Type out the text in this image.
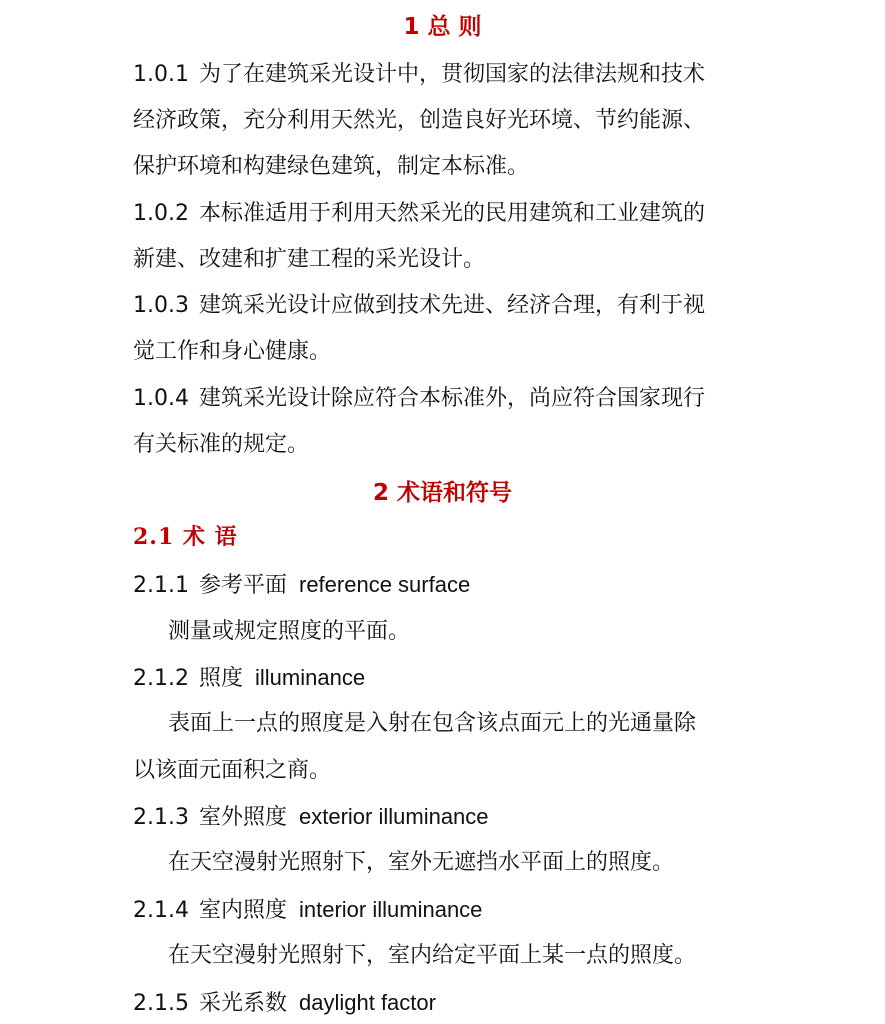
1 总 则

1.0.1 为了在建筑采光设计中，贯彻国家的法律法规和技术

经济政策，充分利用天然光，创造良好光环境、节约能源、

保护环境和构建绿色建筑，制定本标准。

1.0.2 本标准适用于利用天然采光的民用建筑和工业建筑的

新建、改建和扩建工程的采光设计。

1.0.3 建筑采光设计应做到技术先进、经济合理，有利于视

觉工作和身心健康。

1.0.4 建筑采光设计除应符合本标准外，尚应符合国家现行

有关标准的规定。

2 术语和符号
2.1 术 语

2.1.1 参考平面 reference surface

测量或规定照度的平面。

2.1.2 照度 illuminance

表面上一点的照度是入射在包含该点面元上的光通量除

以该面元面积之商。

2.1.3 室外照度 exterior illuminance

在天空漫射光照射下，室外无遮挡水平面上的照度。

2.1.4 室内照度 interior illuminance

在天空漫射光照射下，室内给定平面上某一点的照度。

2.1.5 采光系数 daylight factor
